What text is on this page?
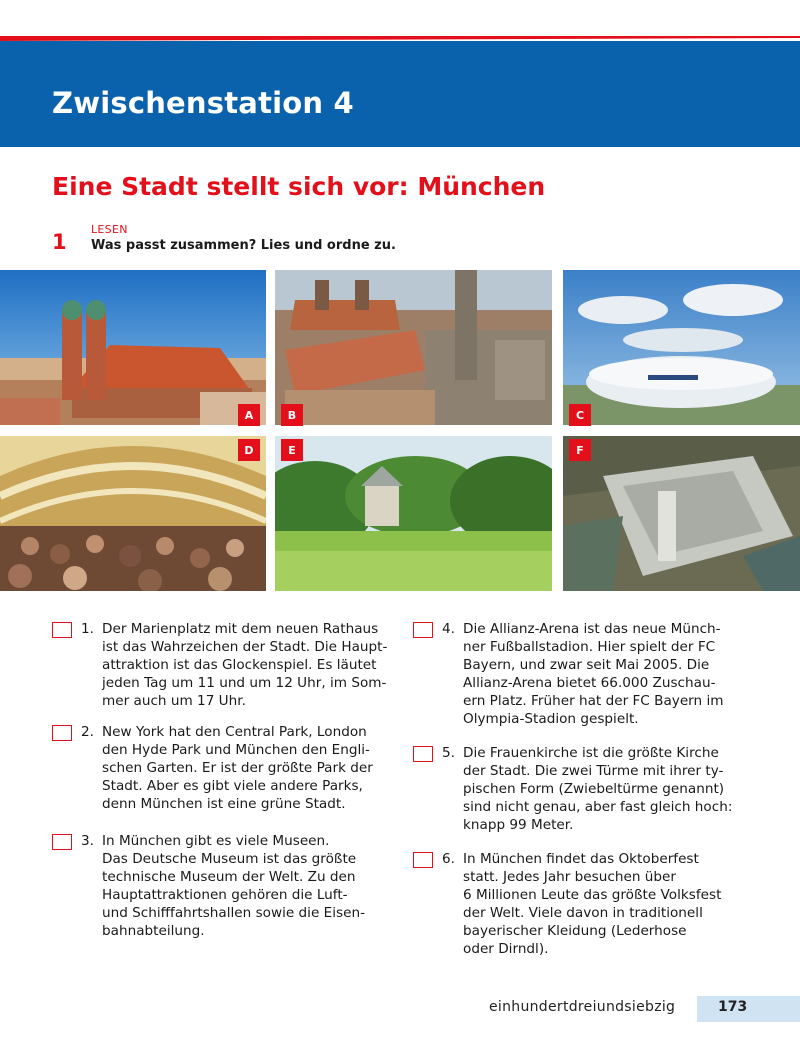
Zwischenstation 4
Eine Stadt stellt sich vor: München
1
LESEN
Was passt zusammen? Lies und ordne zu.
A	B	C
D	E	F
1. Der Marienplatz mit dem neuen Rathaus
ist das Wahrzeichen der Stadt. Die Haupt-
attraktion ist das Glockenspiel. Es läutet
jeden Tag um 11 und um 12 Uhr, im Som-
mer auch um 17 Uhr.
2. New York hat den Central Park, London
den Hyde Park und München den Engli-
schen Garten. Er ist der größte Park der
Stadt. Aber es gibt viele andere Parks,
denn München ist eine grüne Stadt.
3. In München gibt es viele Museen.
Das Deutsche Museum ist das größte
technische Museum der Welt. Zu den
Hauptattraktionen gehören die Luft-
und Schifffahrtshallen sowie die Eisen-
bahnabteilung.
4. Die Allianz-Arena ist das neue Münch-
ner Fußballstadion. Hier spielt der FC
Bayern, und zwar seit Mai 2005. Die
Allianz-Arena bietet 66.000 Zuschau-
ern Platz. Früher hat der FC Bayern im
Olympia-Stadion gespielt.
5. Die Frauenkirche ist die größte Kirche
der Stadt. Die zwei Türme mit ihrer ty-
pischen Form (Zwiebeltürme genannt)
sind nicht genau, aber fast gleich hoch:
knapp 99 Meter.
6. In München findet das Oktoberfest
statt. Jedes Jahr besuchen über
6 Millionen Leute das größte Volksfest
der Welt. Viele davon in traditionell
bayerischer Kleidung (Lederhose
oder Dirndl).
einhundertdreiundsiebzig	173
